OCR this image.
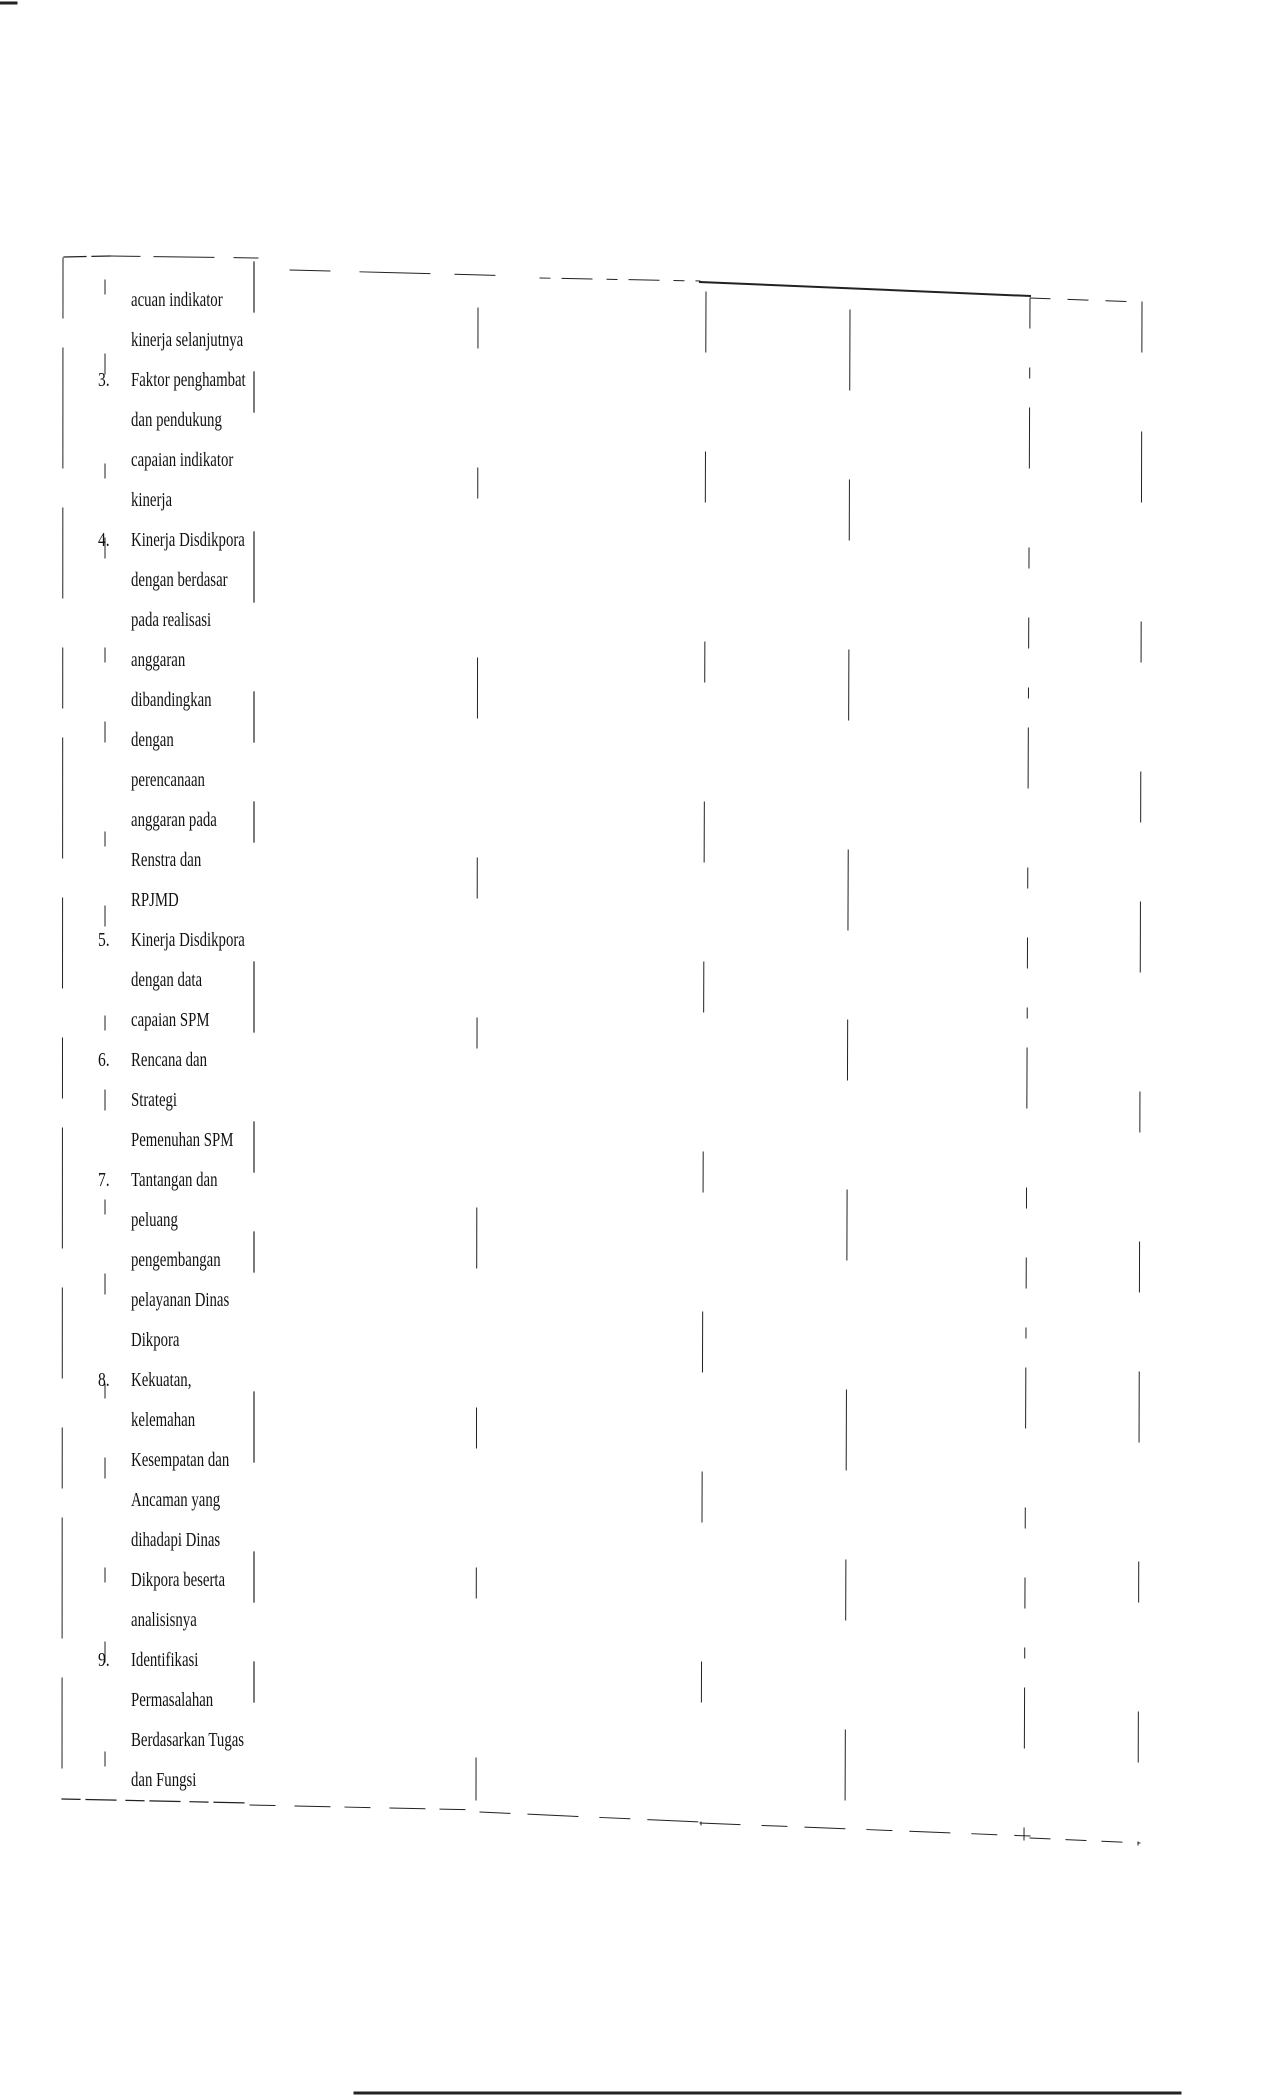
acuan indikator
kinerja selanjutnya
3. Faktor penghambat
dan pendukung
capaian indikator
kinerja
4. Kinerja Disdikpora
dengan berdasar
pada realisasi
anggaran
dibandingkan
dengan
perencanaan
anggaran pada
Renstra dan
RPJMD
5. Kinerja Disdikpora
dengan data
capaian SPM
6. Rencana dan
Strategi
Pemenuhan SPM
7. Tantangan dan
peluang
pengembangan
pelayanan Dinas
Dikpora
8. Kekuatan,
kelemahan
Kesempatan dan
Ancaman yang
dihadapi Dinas
Dikpora beserta
analisisnya
9. Identifikasi
Permasalahan
Berdasarkan Tugas
dan Fungsi
